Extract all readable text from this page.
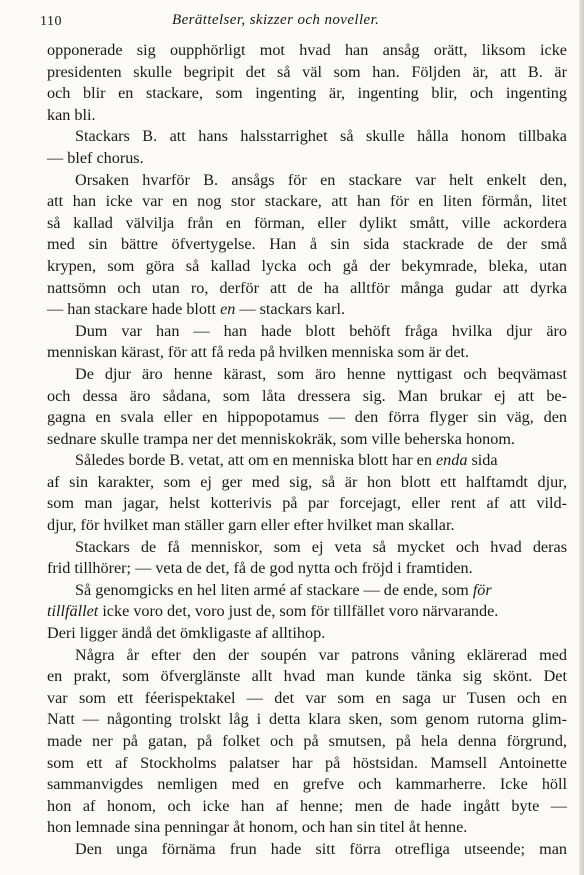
110	Berättelser, skizzer och noveller.

opponerade sig oupphörligt mot hvad han ansåg orätt, liksom icke
presidenten skulle begripit det så väl som han. Följden är, att B. är
och blir en stackare, som ingenting är, ingenting blir, och ingenting
kan bli.

Stackars B. att hans halsstarrighet så skulle hålla honom tillbaka
— blef chorus.

Orsaken hvarför B. ansågs för en stackare var helt enkelt den,
att han icke var en nog stor stackare, att han för en liten förmån, litet
så kallad välvilja från en förman, eller dylikt smått, ville ackordera
med sin bättre öfvertygelse. Han å sin sida stackrade de der små
krypen, som göra så kallad lycka och gå der bekymrade, bleka, utan
nattsömn och utan ro, derför att de ha alltför många gudar att dyrka
— han stackare hade blott en — stackars karl.

Dum var han — han hade blott behöft fråga hvilka djur äro
menniskan kärast, för att få reda på hvilken menniska som är det.

De djur äro henne kärast, som äro henne nyttigast och beqvämast
och dessa äro sådana, som låta dressera sig. Man brukar ej att be-
gagna en svala eller en hippopotamus — den förra flyger sin väg, den
sednare skulle trampa ner det menniskokräk, som ville beherska honom.

Således borde B. vetat, att om en menniska blott har en enda sida
af sin karakter, som ej ger med sig, så är hon blott ett halftamdt djur,
som man jagar, helst kotterivis på par forcejagt, eller rent af att vild-
djur, för hvilket man ställer garn eller efter hvilket man skallar.

Stackars de få menniskor, som ej veta så mycket och hvad deras
frid tillhörer; — veta de det, få de god nytta och fröjd i framtiden.

Så genomgicks en hel liten armé af stackare — de ende, som för
tillfället icke voro det, voro just de, som för tillfället voro närvarande.
Deri ligger ändå det ömkligaste af alltihop.

Några år efter den der soupén var patrons våning eklärerad med
en prakt, som öfverglänste allt hvad man kunde tänka sig skönt. Det
var som ett féerispektakel — det var som en saga ur Tusen och en
Natt — någonting trolskt låg i detta klara sken, som genom rutorna glim-
made ner på gatan, på folket och på smutsen, på hela denna förgrund,
som ett af Stockholms palatser har på höstsidan. Mamsell Antoinette
sammanvigdes nemligen med en grefve och kammarherre. Icke höll
hon af honom, och icke han af henne; men de hade ingått byte —
hon lemnade sina penningar åt honom, och han sin titel åt henne.

Den unga förnäma frun hade sitt förra otrefliga utseende; man
